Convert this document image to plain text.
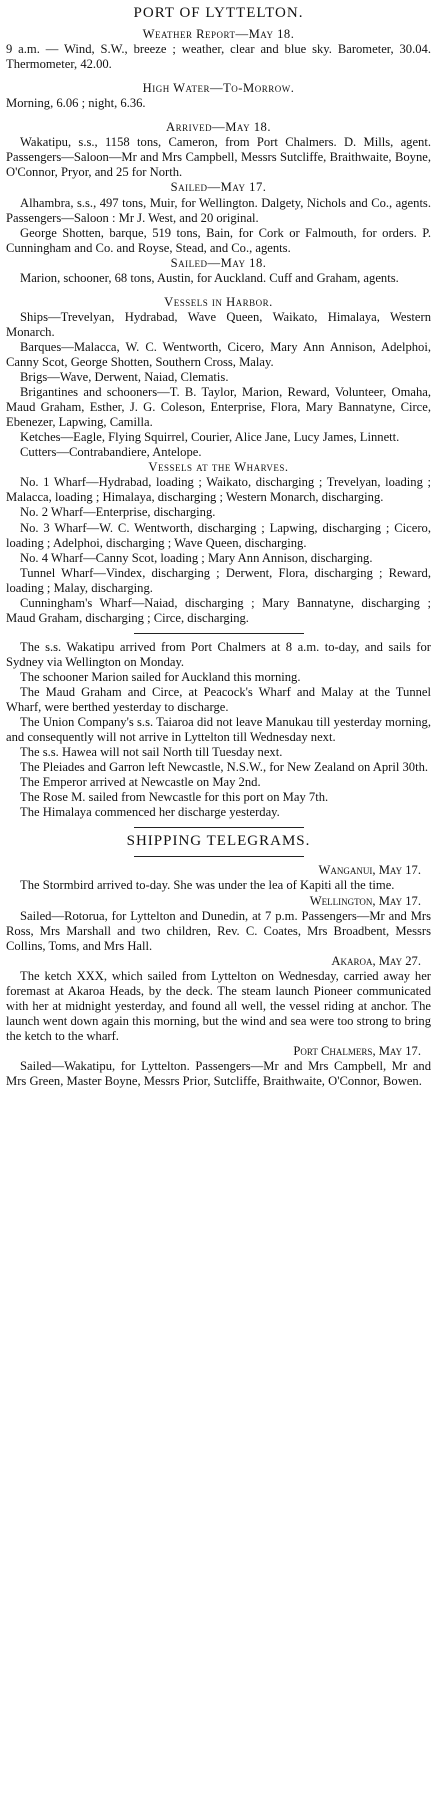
PORT OF LYTTELTON.
Weather Report—May 18.

9 a.m. — Wind, S.W., breeze ; weather, clear and blue sky. Barometer, 30.04. Thermometer, 42.00.

High Water—To-Morrow.

Morning, 6.06 ; night, 6.36.

Arrived—May 18.

Wakatipu, s.s., 1158 tons, Cameron, from Port Chalmers. D. Mills, agent. Passengers—Saloon—Mr and Mrs Campbell, Messrs Sutcliffe, Braithwaite, Boyne, O'Connor, Pryor, and 25 for North.

Sailed—May 17.

Alhambra, s.s., 497 tons, Muir, for Wellington. Dalgety, Nichols and Co., agents. Passengers—Saloon : Mr J. West, and 20 original.

George Shotten, barque, 519 tons, Bain, for Cork or Falmouth, for orders. P. Cunningham and Co. and Royse, Stead, and Co., agents.

Sailed—May 18.

Marion, schooner, 68 tons, Austin, for Auckland. Cuff and Graham, agents.

Vessels in Harbor.

Ships—Trevelyan, Hydrabad, Wave Queen, Waikato, Himalaya, Western Monarch.

Barques—Malacca, W. C. Wentworth, Cicero, Mary Ann Annison, Adelphoi, Canny Scot, George Shotten, Southern Cross, Malay.

Brigs—Wave, Derwent, Naiad, Clematis.

Brigantines and schooners—T. B. Taylor, Marion, Reward, Volunteer, Omaha, Maud Graham, Esther, J. G. Coleson, Enterprise, Flora, Mary Bannatyne, Circe, Ebenezer, Lapwing, Camilla.

Ketches—Eagle, Flying Squirrel, Courier, Alice Jane, Lucy James, Linnett.

Cutters—Contrabandiere, Antelope.

Vessels at the Wharves.

No. 1 Wharf—Hydrabad, loading ; Waikato, discharging ; Trevelyan, loading ; Malacca, loading ; Himalaya, discharging ; Western Monarch, discharging.

No. 2 Wharf—Enterprise, discharging.

No. 3 Wharf—W. C. Wentworth, discharging ; Lapwing, discharging ; Cicero, loading ; Adelphoi, discharging ; Wave Queen, discharging.

No. 4 Wharf—Canny Scot, loading ; Mary Ann Annison, discharging.

Tunnel Wharf—Vindex, discharging ; Derwent, Flora, discharging ; Reward, loading ; Malay, discharging.

Cunningham's Wharf—Naiad, discharging ; Mary Bannatyne, discharging ; Maud Graham, discharging ; Circe, discharging.

The s.s. Wakatipu arrived from Port Chalmers at 8 a.m. to-day, and sails for Sydney via Wellington on Monday.

The schooner Marion sailed for Auckland this morning.

The Maud Graham and Circe, at Peacock's Wharf and Malay at the Tunnel Wharf, were berthed yesterday to discharge.

The Union Company's s.s. Taiaroa did not leave Manukau till yesterday morning, and consequently will not arrive in Lyttelton till Wednesday next.

The s.s. Hawea will not sail North till Tuesday next.

The Pleiades and Garron left Newcastle, N.S.W., for New Zealand on April 30th.

The Emperor arrived at Newcastle on May 2nd.

The Rose M. sailed from Newcastle for this port on May 7th.

The Himalaya commenced her discharge yesterday.

SHIPPING TELEGRAMS.
Wanganui, May 17.

The Stormbird arrived to-day. She was under the lea of Kapiti all the time.

Wellington, May 17.

Sailed—Rotorua, for Lyttelton and Dunedin, at 7 p.m. Passengers—Mr and Mrs Ross, Mrs Marshall and two children, Rev. C. Coates, Mrs Broadbent, Messrs Collins, Toms, and Mrs Hall.

Akaroa, May 27.

The ketch XXX, which sailed from Lyttelton on Wednesday, carried away her foremast at Akaroa Heads, by the deck. The steam launch Pioneer communicated with her at midnight yesterday, and found all well, the vessel riding at anchor. The launch went down again this morning, but the wind and sea were too strong to bring the ketch to the wharf.

Port Chalmers, May 17.

Sailed—Wakatipu, for Lyttelton. Passengers—Mr and Mrs Campbell, Mr and Mrs Green, Master Boyne, Messrs Prior, Sutcliffe, Braithwaite, O'Connor, Bowen.
